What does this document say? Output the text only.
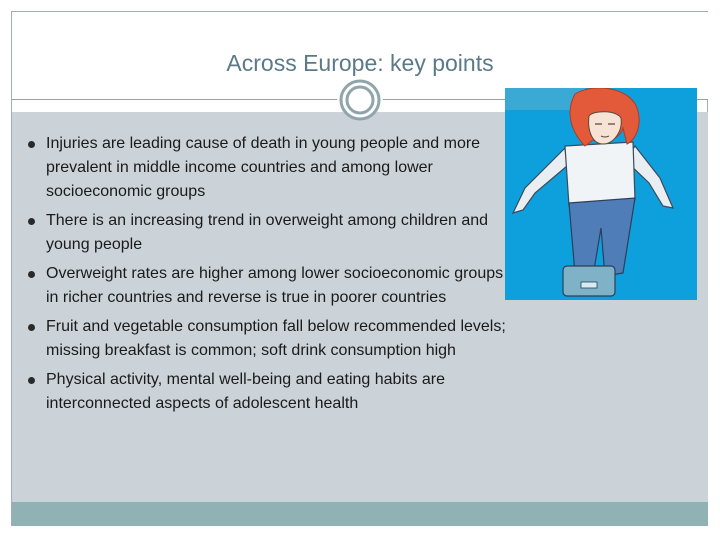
Across Europe: key points
Injuries are leading cause of death in young people and more prevalent in middle income countries and among lower socioeconomic groups
There is an increasing trend in overweight among children and young people
Overweight rates are higher among lower socioeconomic groups in richer countries and reverse is true in poorer countries
Fruit and vegetable consumption fall below recommended levels; missing breakfast is common; soft drink consumption high
Physical activity, mental well-being and eating habits are interconnected aspects of adolescent health
